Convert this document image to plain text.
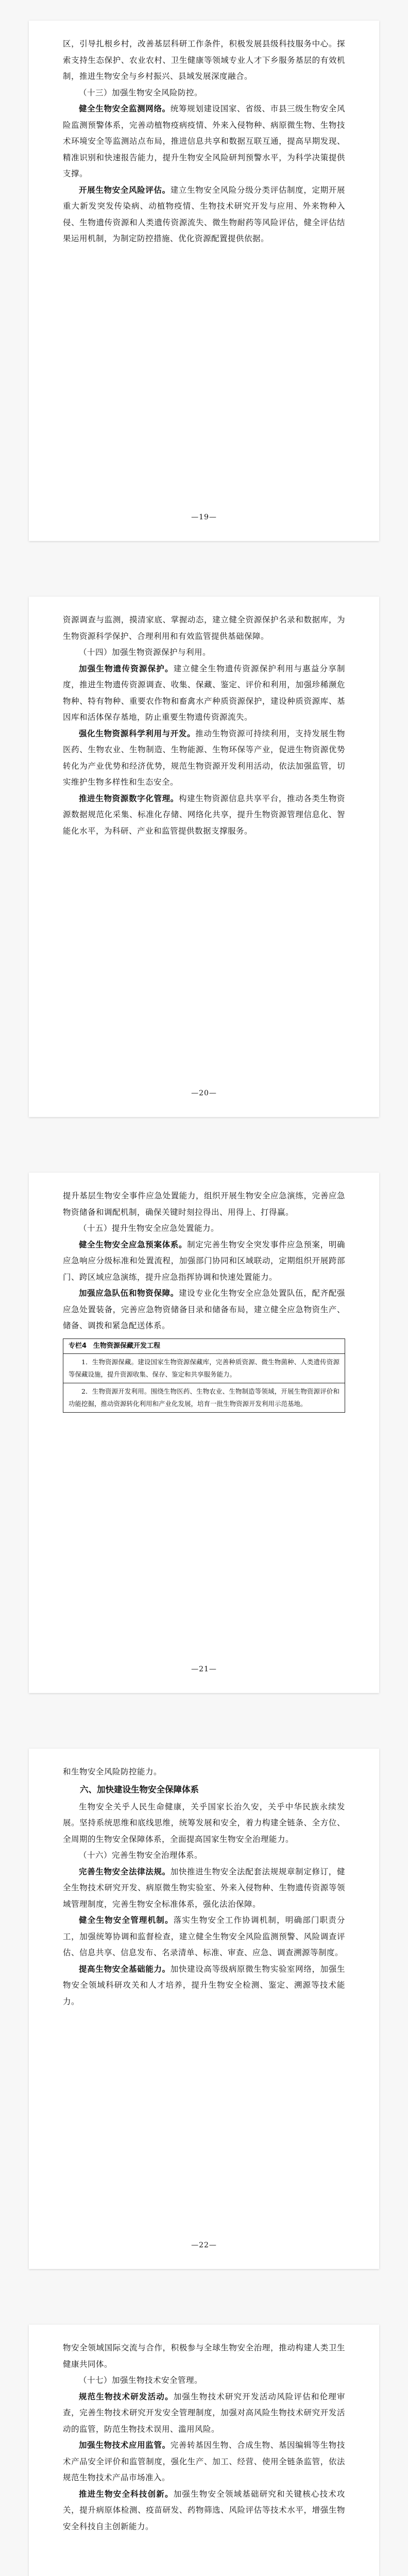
区，引导扎根乡村，改善基层科研工作条件，积极发展县级科技服务中心。探索支持生态保护、农业农村、卫生健康等领域专业人才下乡服务基层的有效机制，推进生物安全与乡村振兴、县域发展深度融合。

（十三）加强生物安全风险防控。

健全生物安全监测网络。统筹规划建设国家、省级、市县三级生物安全风险监测预警体系，完善动植物疫病疫情、外来入侵物种、病原微生物、生物技术环境安全等监测站点布局，推进信息共享和数据互联互通，提高早期发现、精准识别和快速报告能力，提升生物安全风险研判预警水平，为科学决策提供支撑。

开展生物安全风险评估。建立生物安全风险分级分类评估制度，定期开展重大新发突发传染病、动植物疫情、生物技术研究开发与应用、外来物种入侵、生物遗传资源和人类遗传资源流失、微生物耐药等风险评估，健全评估结果运用机制，为制定防控措施、优化资源配置提供依据。

—19—

资源调查与监测，摸清家底、掌握动态，建立健全资源保护名录和数据库，为生物资源科学保护、合理利用和有效监管提供基础保障。

（十四）加强生物资源保护与利用。

加强生物遗传资源保护。建立健全生物遗传资源保护利用与惠益分享制度，推进生物遗传资源调查、收集、保藏、鉴定、评价和利用，加强珍稀濒危物种、特有物种、重要农作物和畜禽水产种质资源保护，建设种质资源库、基因库和活体保存基地，防止重要生物遗传资源流失。

强化生物资源科学利用与开发。推动生物资源可持续利用，支持发展生物医药、生物农业、生物制造、生物能源、生物环保等产业，促进生物资源优势转化为产业优势和经济优势，规范生物资源开发利用活动，依法加强监管，切实维护生物多样性和生态安全。

推进生物资源数字化管理。构建生物资源信息共享平台，推动各类生物资源数据规范化采集、标准化存储、网络化共享，提升生物资源管理信息化、智能化水平，为科研、产业和监管提供数据支撑服务。

—20—

提升基层生物安全事件应急处置能力，组织开展生物安全应急演练，完善应急物资储备和调配机制，确保关键时刻拉得出、用得上、打得赢。

（十五）提升生物安全应急处置能力。

健全生物安全应急预案体系。制定完善生物安全突发事件应急预案，明确应急响应分级标准和处置流程，加强部门协同和区域联动，定期组织开展跨部门、跨区域应急演练，提升应急指挥协调和快速处置能力。

加强应急队伍和物资保障。建设专业化生物安全应急处置队伍，配齐配强应急处置装备，完善应急物资储备目录和储备布局，建立健全应急物资生产、储备、调拨和紧急配送体系。

专栏4　生物资源保藏开发工程
1．生物资源保藏。建设国家生物资源保藏库，完善种质资源、微生物菌种、人类遗传资源等保藏设施，提升资源收集、保存、鉴定和共享服务能力。
2．生物资源开发利用。围绕生物医药、生物农业、生物制造等领域，开展生物资源评价和功能挖掘，推动资源转化利用和产业化发展，培育一批生物资源开发利用示范基地。
—21—

和生物安全风险防控能力。

六、加快建设生物安全保障体系

生物安全关乎人民生命健康，关乎国家长治久安，关乎中华民族永续发展。坚持系统思维和底线思维，统筹发展和安全，着力构建全链条、全方位、全周期的生物安全保障体系，全面提高国家生物安全治理能力。

（十六）完善生物安全治理体系。

完善生物安全法律法规。加快推进生物安全法配套法规规章制定修订，健全生物技术研究开发、病原微生物实验室、外来入侵物种、生物遗传资源等领域管理制度，完善生物安全标准体系，强化法治保障。

健全生物安全管理机制。落实生物安全工作协调机制，明确部门职责分工，加强统筹协调和监督检查，建立健全生物安全风险监测预警、风险调查评估、信息共享、信息发布、名录清单、标准、审查、应急、调查溯源等制度。

提高生物安全基础能力。加快建设高等级病原微生物实验室网络，加强生物安全领域科研攻关和人才培养，提升生物安全检测、鉴定、溯源等技术能力。

—22—

物安全领域国际交流与合作，积极参与全球生物安全治理，推动构建人类卫生健康共同体。

（十七）加强生物技术安全管理。

规范生物技术研发活动。加强生物技术研究开发活动风险评估和伦理审查，完善生物技术研究开发安全管理制度，加强对高风险生物技术研究开发活动的监管，防范生物技术误用、滥用风险。

加强生物技术应用监管。完善转基因生物、合成生物、基因编辑等生物技术产品安全评价和监管制度，强化生产、加工、经营、使用全链条监管，依法规范生物技术产品市场准入。

推进生物安全科技创新。加强生物安全领域基础研究和关键核心技术攻关，提升病原体检测、疫苗研发、药物筛选、风险评估等技术水平，增强生物安全科技自主创新能力。
